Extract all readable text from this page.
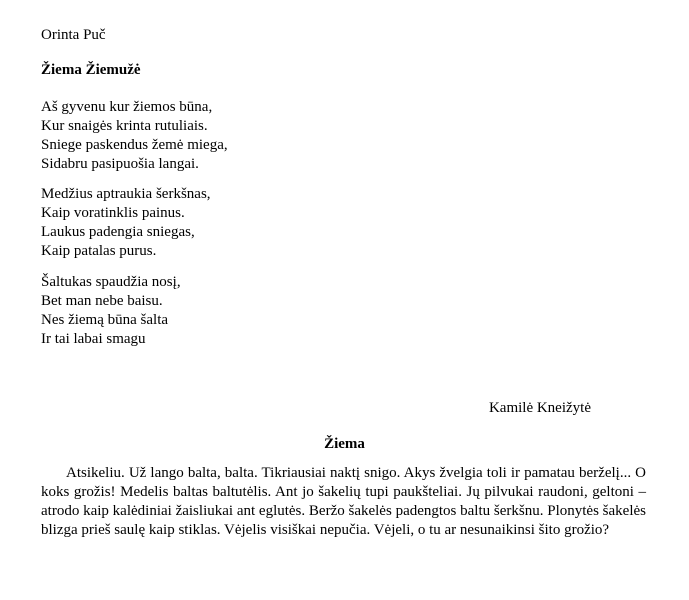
Orinta Puč
Žiema Žiemužė
Aš gyvenu kur žiemos būna,
Kur snaigės krinta rutuliais.
Sniege paskendus žemė miega,
Sidabru pasipuošia langai.
Medžius aptraukia šerkšnas,
Kaip voratinklis painus.
Laukus padengia sniegas,
Kaip patalas purus.
Šaltukas spaudžia nosį,
Bet man nebe baisu.
Nes žiemą būna šalta
Ir tai labai smagu
Kamilė Kneižytė
Žiema

Atsikeliu. Už lango balta, balta. Tikriausiai naktį snigo. Akys žvelgia toli ir pamatau berželį... O koks grožis! Medelis baltas baltutėlis. Ant jo šakelių tupi paukšteliai. Jų pilvukai raudoni, geltoni – atrodo kaip kalėdiniai žaisliukai ant eglutės. Beržo šakelės padengtos baltu šerkšnu. Plonytės šakelės blizga prieš saulę kaip stiklas. Vėjelis visiškai nepučia. Vėjeli, o tu ar nesunaikinsi šito grožio?
